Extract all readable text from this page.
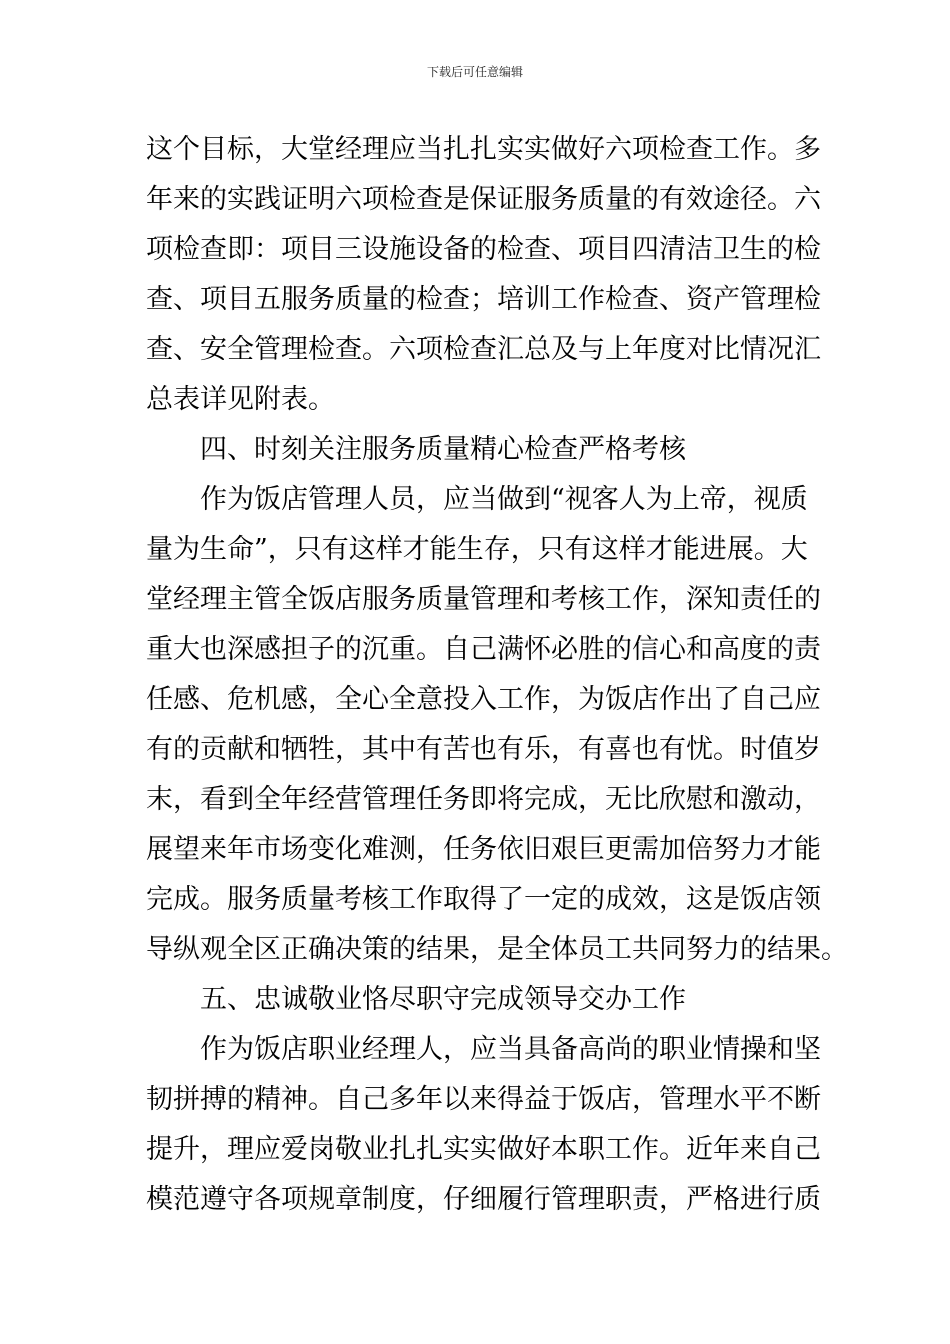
下载后可任意编辑
这个目标，大堂经理应当扎扎实实做好六项检查工作。多
年来的实践证明六项检查是保证服务质量的有效途径。六
项检查即：项目三设施设备的检查、项目四清洁卫生的检
查、项目五服务质量的检查；培训工作检查、资产管理检
查、安全管理检查。六项检查汇总及与上年度对比情况汇
总表详见附表。
四、时刻关注服务质量精心检查严格考核
作为饭店管理人员，应当做到“视客人为上帝，视质
量为生命”，只有这样才能生存，只有这样才能进展。大
堂经理主管全饭店服务质量管理和考核工作，深知责任的
重大也深感担子的沉重。自己满怀必胜的信心和高度的责
任感、危机感，全心全意投入工作，为饭店作出了自己应
有的贡献和牺牲，其中有苦也有乐，有喜也有忧。时值岁
末，看到全年经营管理任务即将完成，无比欣慰和激动，
展望来年市场变化难测，任务依旧艰巨更需加倍努力才能
完成。服务质量考核工作取得了一定的成效，这是饭店领
导纵观全区正确决策的结果，是全体员工共同努力的结果。
五、忠诚敬业恪尽职守完成领导交办工作
作为饭店职业经理人，应当具备高尚的职业情操和坚
韧拼搏的精神。自己多年以来得益于饭店，管理水平不断
提升，理应爱岗敬业扎扎实实做好本职工作。近年来自己
模范遵守各项规章制度，仔细履行管理职责，严格进行质
